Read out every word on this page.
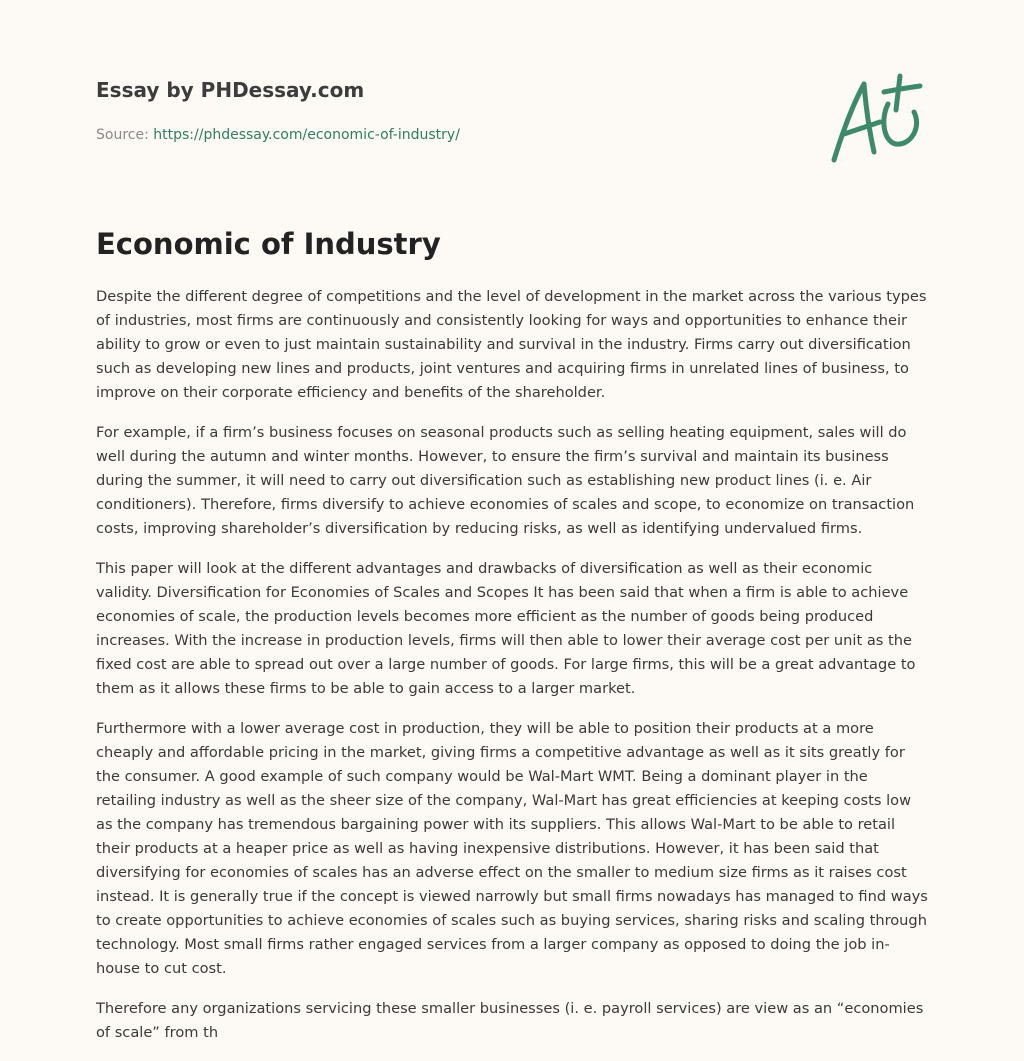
Essay by PHDessay.com

Source: https://phdessay.com/economic-of-industry/
Economic of Industry

Despite the different degree of competitions and the level of development in the market across the various types of industries, most firms are continuously and consistently looking for ways and opportunities to enhance their ability to grow or even to just maintain sustainability and survival in the industry. Firms carry out diversification such as developing new lines and products, joint ventures and acquiring firms in unrelated lines of business, to improve on their corporate efficiency and benefits of the shareholder.

For example, if a firm’s business focuses on seasonal products such as selling heating equipment, sales will do well during the autumn and winter months. However, to ensure the firm’s survival and maintain its business during the summer, it will need to carry out diversification such as establishing new product lines (i. e. Air conditioners). Therefore, firms diversify to achieve economies of scales and scope, to economize on transaction costs, improving shareholder’s diversification by reducing risks, as well as identifying undervalued firms.

This paper will look at the different advantages and drawbacks of diversification as well as their economic validity. Diversification for Economies of Scales and Scopes It has been said that when a firm is able to achieve economies of scale, the production levels becomes more efficient as the number of goods being produced increases. With the increase in production levels, firms will then able to lower their average cost per unit as the fixed cost are able to spread out over a large number of goods. For large firms, this will be a great advantage to them as it allows these firms to be able to gain access to a larger market.

Furthermore with a lower average cost in production, they will be able to position their products at a more cheaply and affordable pricing in the market, giving firms a competitive advantage as well as it sits greatly for the consumer. A good example of such company would be Wal-Mart WMT. Being a dominant player in the retailing industry as well as the sheer size of the company, Wal-Mart has great efficiencies at keeping costs low as the company has tremendous bargaining power with its suppliers. This allows Wal-Mart to be able to retail their products at a heaper price as well as having inexpensive distributions. However, it has been said that diversifying for economies of scales has an adverse effect on the smaller to medium size firms as it raises cost instead. It is generally true if the concept is viewed narrowly but small firms nowadays has managed to find ways to create opportunities to achieve economies of scales such as buying services, sharing risks and scaling through technology. Most small firms rather engaged services from a larger company as opposed to doing the job in-house to cut cost.

Therefore any organizations servicing these smaller businesses (i. e. payroll services) are view as an “economies of scale” from th
